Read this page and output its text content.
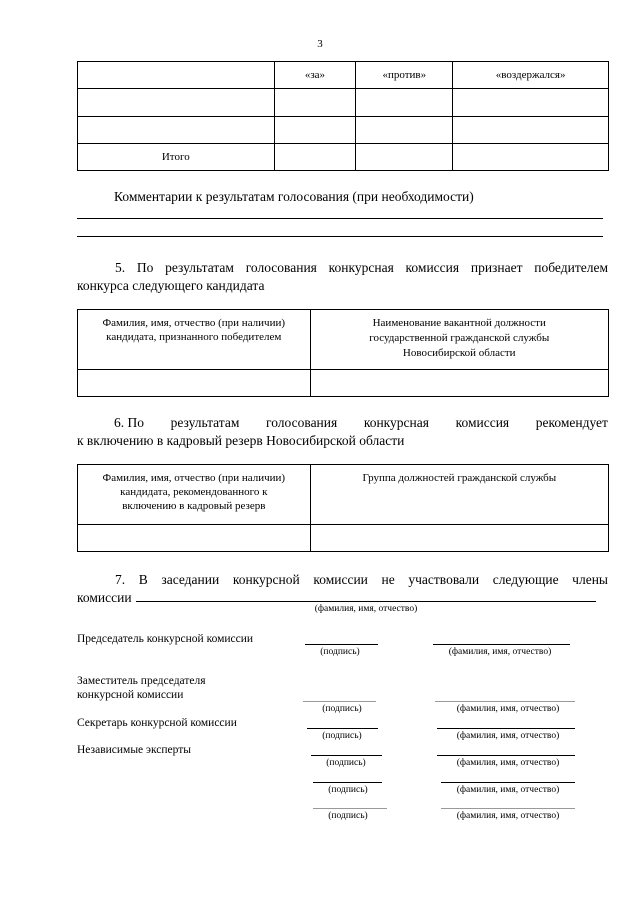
3
	«за»	«против»	«воздержался»

Итого			
Комментарии к результатам голосования (при необходимости)
5. По результатам голосования конкурсная комиссия признает победителем
конкурса следующего кандидата
Фамилия, имя, отчество (при наличии) кандидата, признанного победителем	Наименование вакантной должности государственной гражданской службы Новосибирской области

6. По результатам голосования конкурсная комиссия рекомендует
к включению в кадровый резерв Новосибирской области
Фамилия, имя, отчество (при наличии) кандидата, рекомендованного к включению в кадровый резерв	Группа должностей гражданской службы

7. В заседании конкурсной комиссии не участвовали следующие члены
комиссии
(фамилия, имя, отчество)
Председатель конкурсной комиссии
(подпись)	(фамилия, имя, отчество)
Заместитель председателя конкурсной комиссии
(подпись)	(фамилия, имя, отчество)
Секретарь конкурсной комиссии
(подпись)	(фамилия, имя, отчество)
Независимые эксперты
(подпись)	(фамилия, имя, отчество)
(подпись)	(фамилия, имя, отчество)
(подпись)	(фамилия, имя, отчество)
